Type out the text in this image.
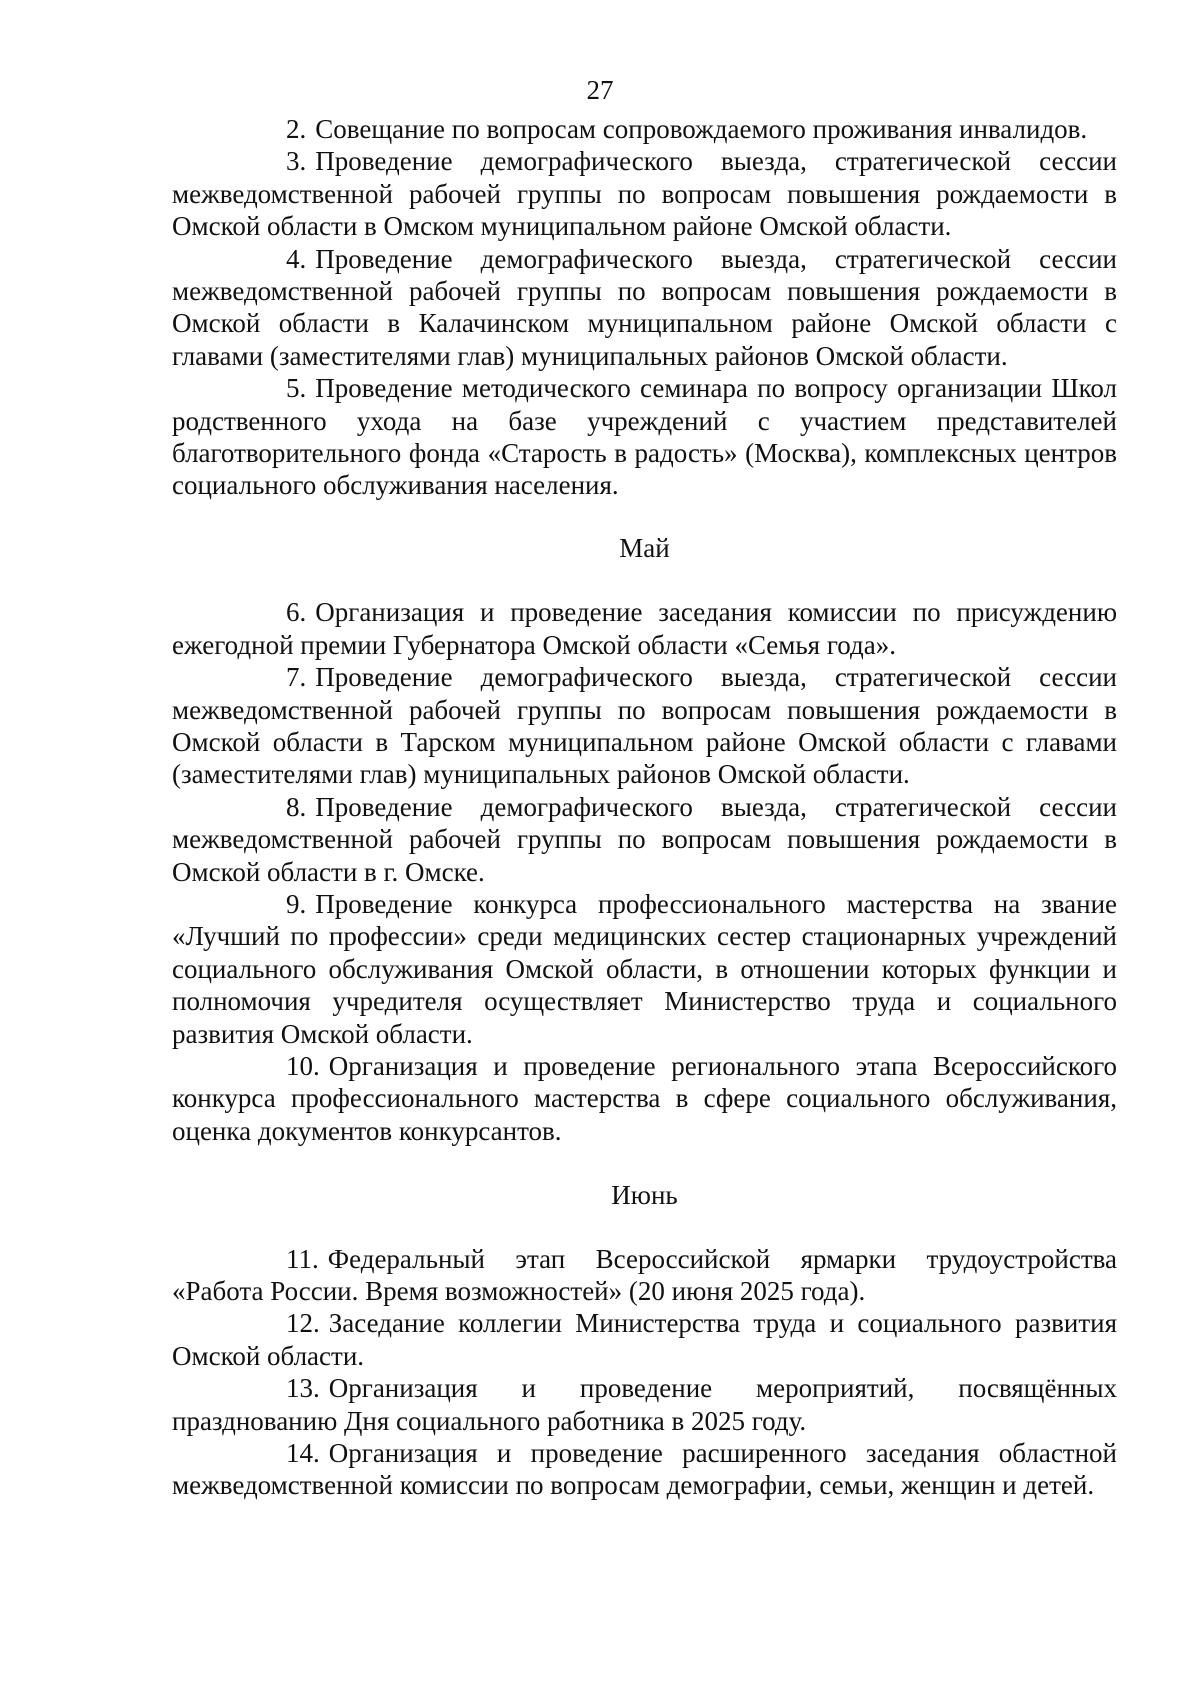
27

2. Совещание по вопросам сопровождаемого проживания инвалидов.

3. Проведение демографического выезда, стратегической сессии межведомственной рабочей группы по вопросам повышения рождаемости в Омской области в Омском муниципальном районе Омской области.

4. Проведение демографического выезда, стратегической сессии межведомственной рабочей группы по вопросам повышения рождаемости в Омской области в Калачинском муниципальном районе Омской области с главами (заместителями глав) муниципальных районов Омской области.

5. Проведение методического семинара по вопросу организации Школ родственного ухода на базе учреждений с участием представителей благотворительного фонда «Старость в радость» (Москва), комплексных центров социального обслуживания населения.

Май

6. Организация и проведение заседания комиссии по присуждению ежегодной премии Губернатора Омской области «Семья года».

7. Проведение демографического выезда, стратегической сессии межведомственной рабочей группы по вопросам повышения рождаемости в Омской области в Тарском муниципальном районе Омской области с главами (заместителями глав) муниципальных районов Омской области.

8. Проведение демографического выезда, стратегической сессии межведомственной рабочей группы по вопросам повышения рождаемости в Омской области в г. Омске.

9. Проведение конкурса профессионального мастерства на звание «Лучший по профессии» среди медицинских сестер стационарных учреждений социального обслуживания Омской области, в отношении которых функции и полномочия учредителя осуществляет Министерство труда и социального развития Омской области.

10. Организация и проведение регионального этапа Всероссийского конкурса профессионального мастерства в сфере социального обслуживания, оценка документов конкурсантов.

Июнь

11. Федеральный этап Всероссийской ярмарки трудоустройства «Работа России. Время возможностей» (20 июня 2025 года).

12. Заседание коллегии Министерства труда и социального развития Омской области.

13. Организация и проведение мероприятий, посвящённых празднованию Дня социального работника в 2025 году.

14. Организация и проведение расширенного заседания областной межведомственной комиссии по вопросам демографии, семьи, женщин и детей.
